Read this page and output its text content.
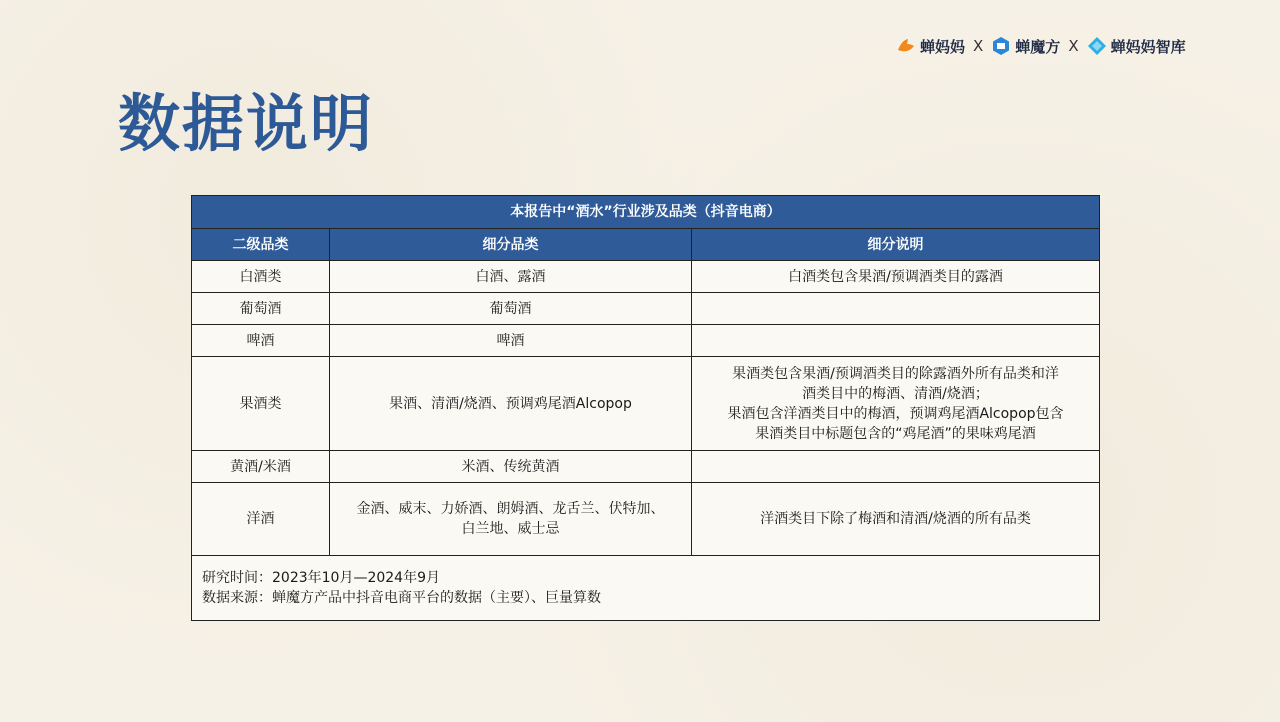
蝉妈妈 X 蝉魔方 X 蝉妈妈智库
数据说明
本报告中“酒水”行业涉及品类（抖音电商）		
二级品类	细分品类	细分说明
白酒类	白酒、露酒	白酒类包含果酒/预调酒类目的露酒

葡萄酒	葡萄酒	

啤酒	啤酒	

果酒类	果酒、清酒/烧酒、预调鸡尾酒Alcopop	果酒类包含果酒/预调酒类目的除露酒外所有品类和洋
酒类目中的梅酒、清酒/烧酒；
果酒包含洋酒类目中的梅酒，预调鸡尾酒Alcopop包含
果酒类目中标题包含的“鸡尾酒”的果味鸡尾酒

黄酒/米酒	米酒、传统黄酒	

洋酒	金酒、威末、力娇酒、朗姆酒、龙舌兰、伏特加、
白兰地、威士忌	洋酒类目下除了梅酒和清酒/烧酒的所有品类

研究时间：2023年10月—2024年9月
数据来源：蝉魔方产品中抖音电商平台的数据（主要）、巨量算数		
